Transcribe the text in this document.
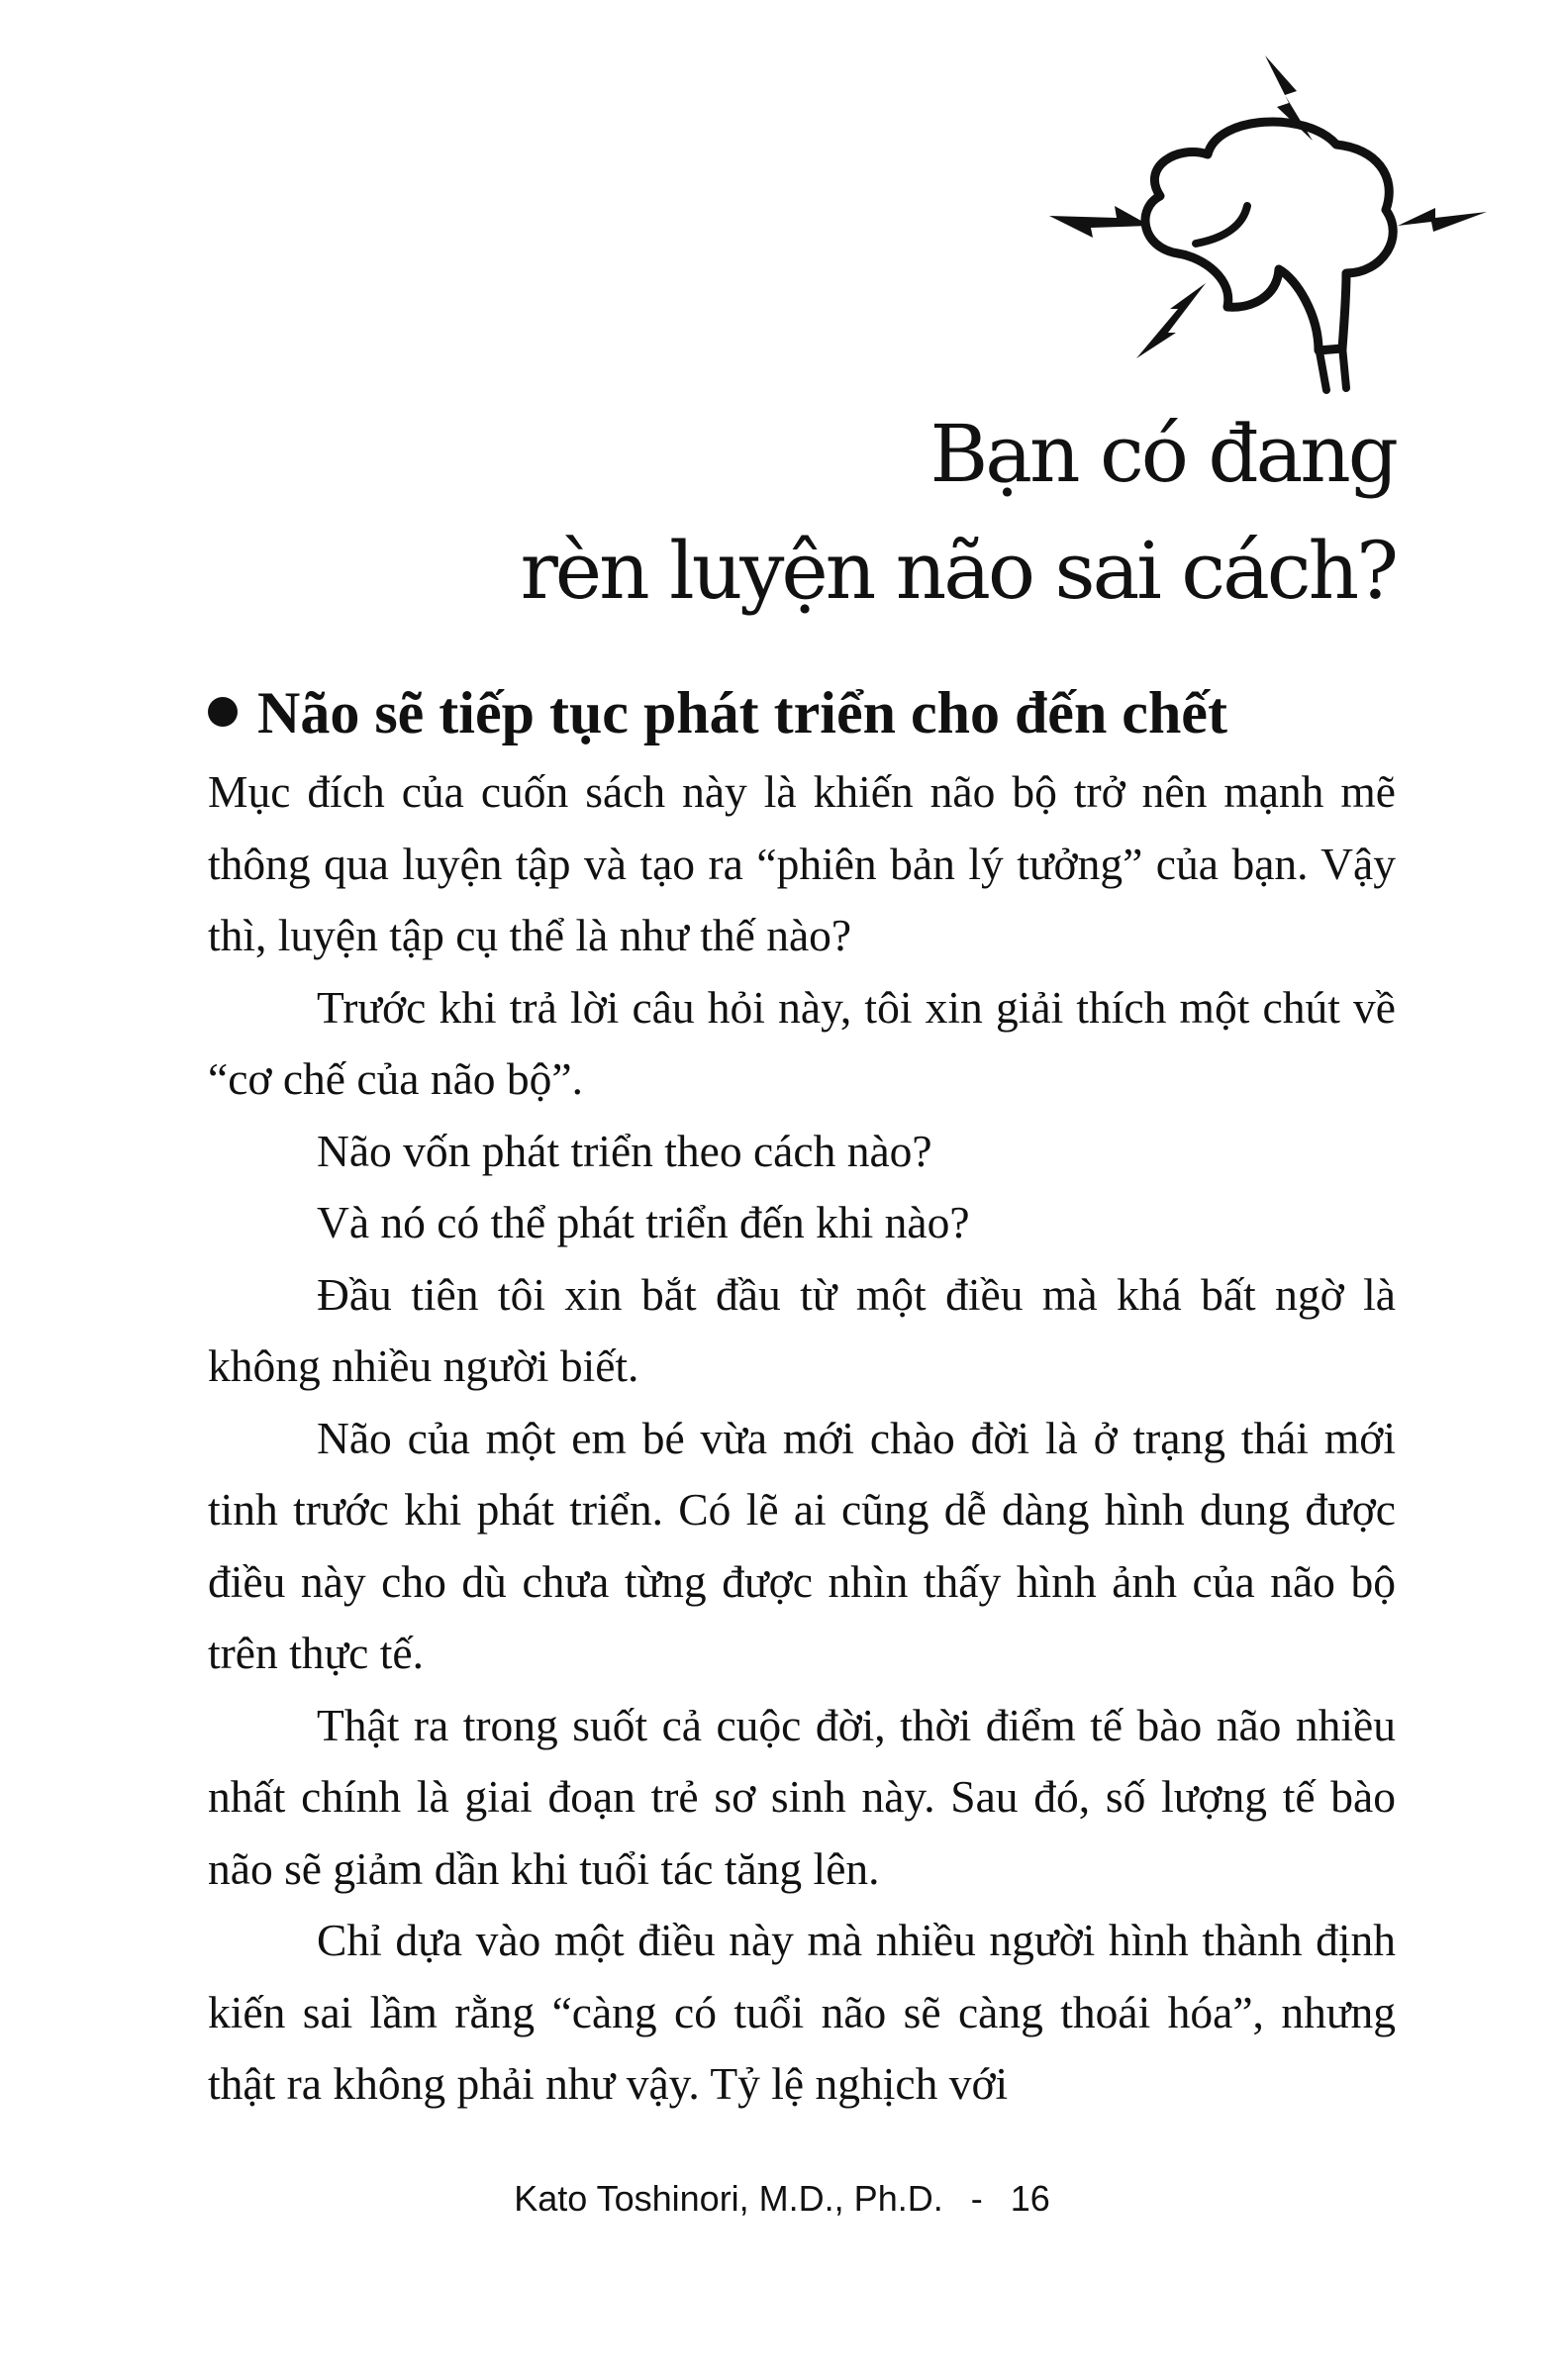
Bạn có đang
rèn luyện não sai cách?
Não sẽ tiếp tục phát triển cho đến chết

Mục đích của cuốn sách này là khiến não bộ trở nên mạnh mẽ thông qua luyện tập và tạo ra “phiên bản lý tưởng” của bạn. Vậy thì, luyện tập cụ thể là như thế nào?

Trước khi trả lời câu hỏi này, tôi xin giải thích một chút về “cơ chế của não bộ”.

Não vốn phát triển theo cách nào?

Và nó có thể phát triển đến khi nào?

Đầu tiên tôi xin bắt đầu từ một điều mà khá bất ngờ là không nhiều người biết.

Não của một em bé vừa mới chào đời là ở trạng thái mới tinh trước khi phát triển. Có lẽ ai cũng dễ dàng hình dung được điều này cho dù chưa từng được nhìn thấy hình ảnh của não bộ trên thực tế.

Thật ra trong suốt cả cuộc đời, thời điểm tế bào não nhiều nhất chính là giai đoạn trẻ sơ sinh này. Sau đó, số lượng tế bào não sẽ giảm dần khi tuổi tác tăng lên.

Chỉ dựa vào một điều này mà nhiều người hình thành định kiến sai lầm rằng “càng có tuổi não sẽ càng thoái hóa”, nhưng thật ra không phải như vậy. Tỷ lệ nghịch với

Kato Toshinori, M.D., Ph.D. - 16
